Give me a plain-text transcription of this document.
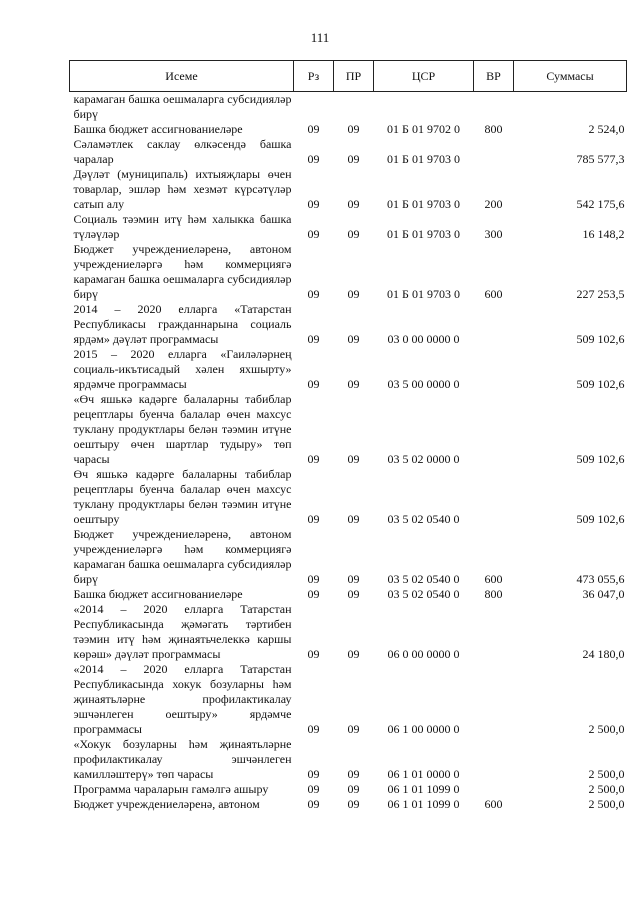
111
Исеме	Рз	ПР	ЦСР	ВР	Суммасы
карамаган башка оешмаларга субсидияләр бирү					
Башка бюджет ассигнованиеләре	09	09	01 Б 01 9702 0	800	2 524,0
Сәламәтлек саклау өлкәсендә башка чаралар	09	09	01 Б 01 9703 0		785 577,3
Дәүләт (муниципаль) ихтыяҗлары өчен товарлар, эшләр һәм хезмәт күрсәтүләр сатып алу	09	09	01 Б 01 9703 0	200	542 175,6
Социаль тәэмин итү һәм халыкка башка түләүләр	09	09	01 Б 01 9703 0	300	16 148,2
Бюджет учреждениеләренә, автоном учреждениеләргә һәм коммерциягә карамаган башка оешмаларга субсидияләр бирү	09	09	01 Б 01 9703 0	600	227 253,5
2014 – 2020 елларга «Татарстан Республикасы гражданнарына социаль ярдәм» дәүләт программасы	09	09	03 0 00 0000 0		509 102,6
2015 – 2020 елларга «Гаиләләрнең социаль-икътисадый хәлен яхшырту» ярдәмче программасы	09	09	03 5 00 0000 0		509 102,6
«Өч яшькә кадәрге балаларны табиблар рецептлары буенча балалар өчен махсус туклану продуктлары белән тәэмин итүне оештыру өчен шартлар тудыру» төп чарасы	09	09	03 5 02 0000 0		509 102,6
Өч яшькә кадәрге балаларны табиблар рецептлары буенча балалар өчен махсус туклану продуктлары белән тәэмин итүне оештыру	09	09	03 5 02 0540 0		509 102,6
Бюджет учреждениеләренә, автоном учреждениеләргә һәм коммерциягә карамаган башка оешмаларга субсидияләр бирү	09	09	03 5 02 0540 0	600	473 055,6
Башка бюджет ассигнованиеләре	09	09	03 5 02 0540 0	800	36 047,0
«2014 – 2020 елларга Татарстан Республикасында җәмәгать тәртибен тәэмин итү һәм җинаятьчелеккә каршы көрәш» дәүләт программасы	09	09	06 0 00 0000 0		24 180,0
«2014 – 2020 елларга Татарстан Республикасында хокук бозуларны һәм җинаятьләрне профилактикалау эшчәнлеген оештыру» ярдәмче программасы	09	09	06 1 00 0000 0		2 500,0
«Хокук бозуларны һәм җинаятьләрне профилактикалау эшчәнлеген камилләштерү» төп чарасы	09	09	06 1 01 0000 0		2 500,0
Программа чараларын гамәлгә ашыру	09	09	06 1 01 1099 0		2 500,0
Бюджет учреждениеләренә, автоном	09	09	06 1 01 1099 0	600	2 500,0
